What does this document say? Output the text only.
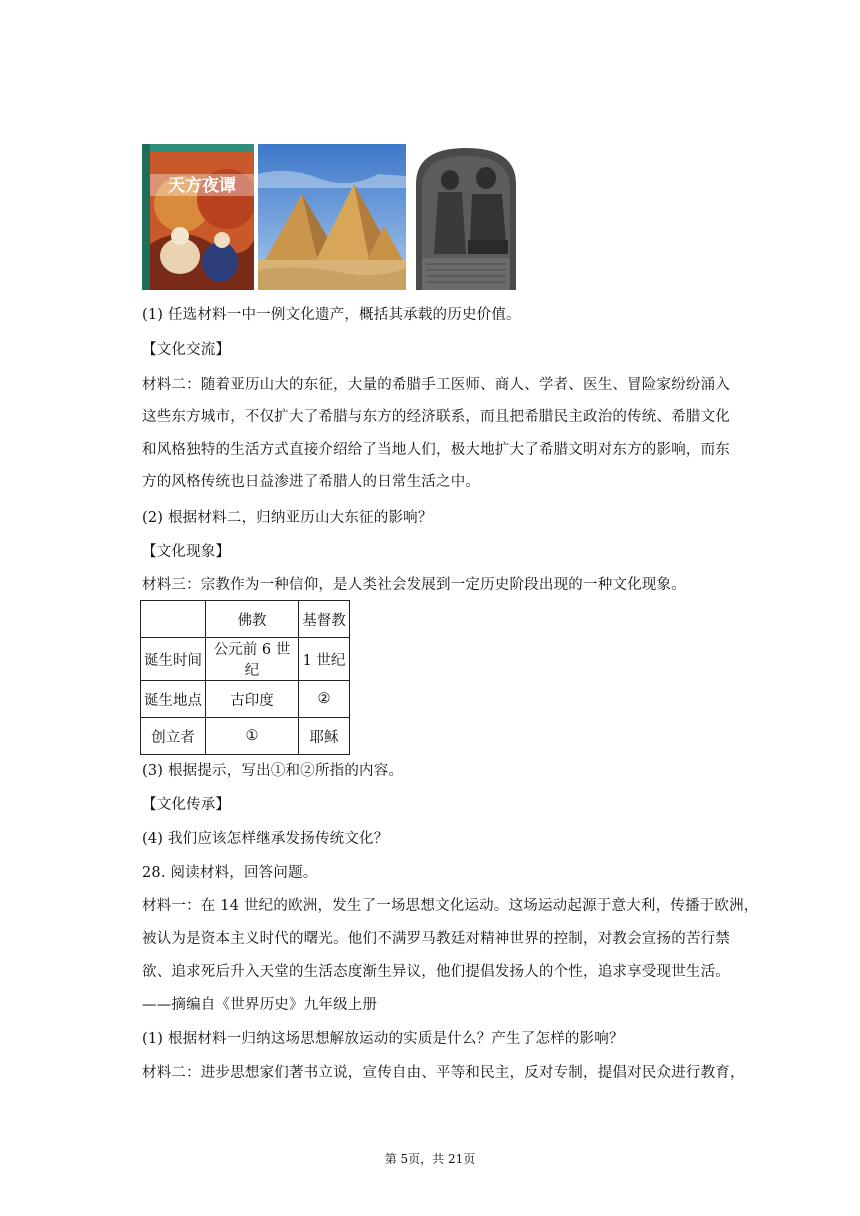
天方夜谭
(1) 任选材料一中一例文化遗产，概括其承载的历史价值。
【文化交流】
材料二：随着亚历山大的东征，大量的希腊手工医师、商人、学者、医生、冒险家纷纷涌入
这些东方城市，不仅扩大了希腊与东方的经济联系，而且把希腊民主政治的传统、希腊文化
和风格独特的生活方式直接介绍给了当地人们，极大地扩大了希腊文明对东方的影响，而东
方的风格传统也日益渗进了希腊人的日常生活之中。
(2) 根据材料二，归纳亚历山大东征的影响？
【文化现象】
材料三：宗教作为一种信仰，是人类社会发展到一定历史阶段出现的一种文化现象。
	佛教	基督教
诞生时间	公元前 6 世纪	1 世纪
诞生地点	古印度	②
创立者	①	耶稣
(3) 根据提示，写出①和②所指的内容。
【文化传承】
(4) 我们应该怎样继承发扬传统文化？
28. 阅读材料，回答问题。
材料一：在 14 世纪的欧洲，发生了一场思想文化运动。这场运动起源于意大利，传播于欧洲，
被认为是资本主义时代的曙光。他们不满罗马教廷对精神世界的控制，对教会宣扬的苦行禁
欲、追求死后升入天堂的生活态度渐生异议，他们提倡发扬人的个性，追求享受现世生活。
——摘编自《世界历史》九年级上册
(1) 根据材料一归纳这场思想解放运动的实质是什么？产生了怎样的影响？
材料二：进步思想家们著书立说，宣传自由、平等和民主，反对专制，提倡对民众进行教育，
第 5页，共 21页
